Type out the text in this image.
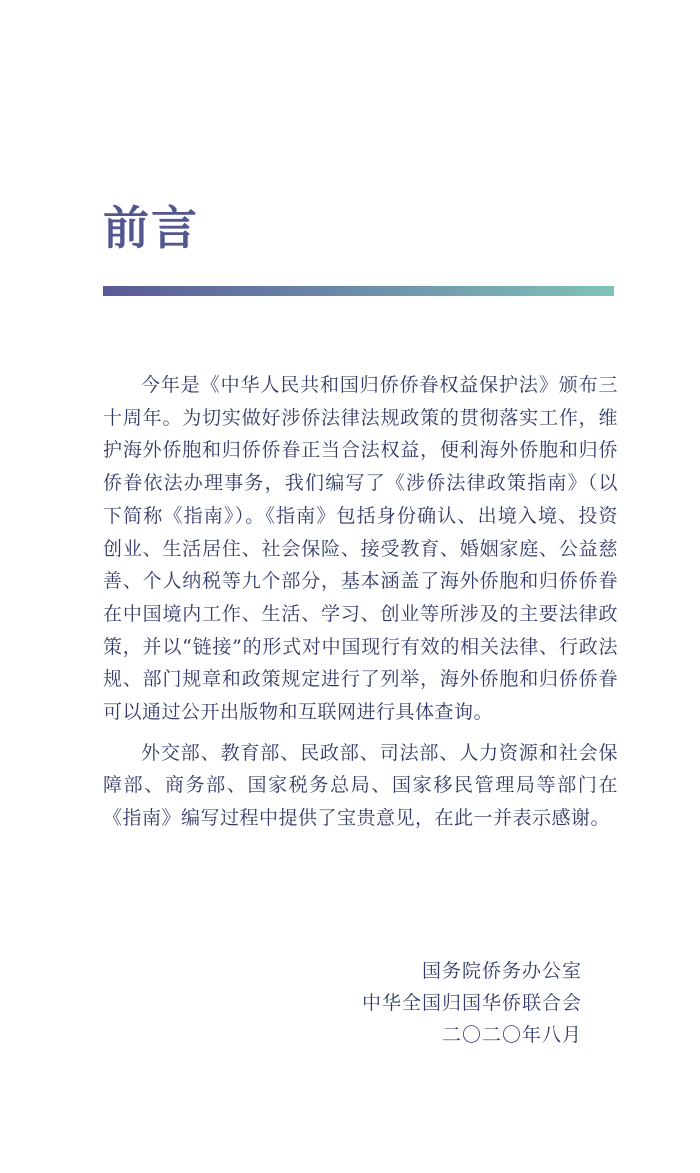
前言

今年是《中华人民共和国归侨侨眷权益保护法》颁布三十周年。为切实做好涉侨法律法规政策的贯彻落实工作，维护海外侨胞和归侨侨眷正当合法权益，便利海外侨胞和归侨侨眷依法办理事务，我们编写了《涉侨法律政策指南》（以下简称《指南》）。《指南》包括身份确认、出境入境、投资创业、生活居住、社会保险、接受教育、婚姻家庭、公益慈善、个人纳税等九个部分，基本涵盖了海外侨胞和归侨侨眷在中国境内工作、生活、学习、创业等所涉及的主要法律政策，并以“链接”的形式对中国现行有效的相关法律、行政法规、部门规章和政策规定进行了列举，海外侨胞和归侨侨眷可以通过公开出版物和互联网进行具体查询。

外交部、教育部、民政部、司法部、人力资源和社会保障部、商务部、国家税务总局、国家移民管理局等部门在《指南》编写过程中提供了宝贵意见，在此一并表示感谢。

国务院侨务办公室
中华全国归国华侨联合会
二〇二〇年八月
